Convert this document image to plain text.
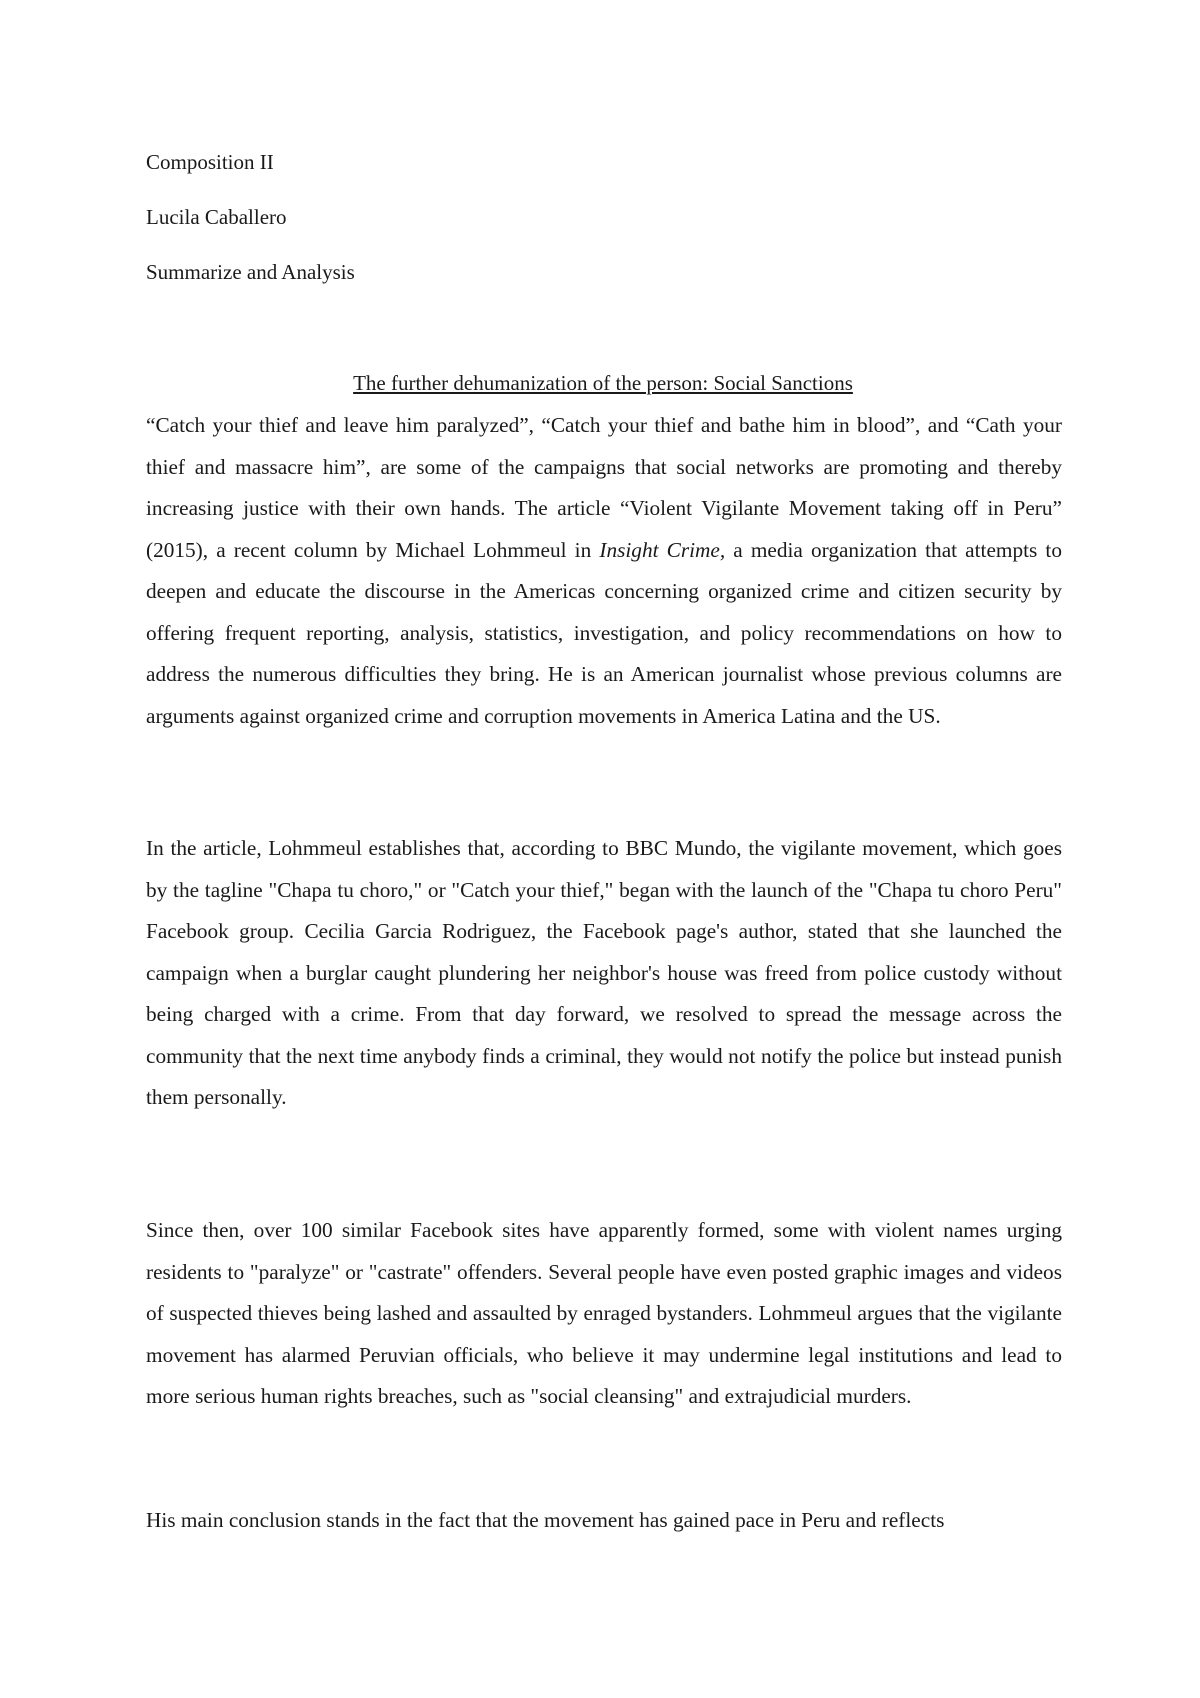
Composition II
Lucila Caballero
Summarize and Analysis
The further dehumanization of the person: Social Sanctions

“Catch your thief and leave him paralyzed”, “Catch your thief and bathe him in blood”, and “Cath your thief and massacre him”, are some of the campaigns that social networks are promoting and thereby increasing justice with their own hands. The article “Violent Vigilante Movement taking off in Peru” (2015), a recent column by Michael Lohmmeul in Insight Crime, a media organization that attempts to deepen and educate the discourse in the Americas concerning organized crime and citizen security by offering frequent reporting, analysis, statistics, investigation, and policy recommendations on how to address the numerous difficulties they bring. He is an American journalist whose previous columns are arguments against organized crime and corruption movements in America Latina and the US.

In the article, Lohmmeul establishes that, according to BBC Mundo, the vigilante movement, which goes by the tagline "Chapa tu choro," or "Catch your thief," began with the launch of the "Chapa tu choro Peru" Facebook group. Cecilia Garcia Rodriguez, the Facebook page's author, stated that she launched the campaign when a burglar caught plundering her neighbor's house was freed from police custody without being charged with a crime. From that day forward, we resolved to spread the message across the community that the next time anybody finds a criminal, they would not notify the police but instead punish them personally.

Since then, over 100 similar Facebook sites have apparently formed, some with violent names urging residents to "paralyze" or "castrate" offenders. Several people have even posted graphic images and videos of suspected thieves being lashed and assaulted by enraged bystanders. Lohmmeul argues that the vigilante movement has alarmed Peruvian officials, who believe it may undermine legal institutions and lead to more serious human rights breaches, such as "social cleansing" and extrajudicial murders.

His main conclusion stands in the fact that the movement has gained pace in Peru and reflects
